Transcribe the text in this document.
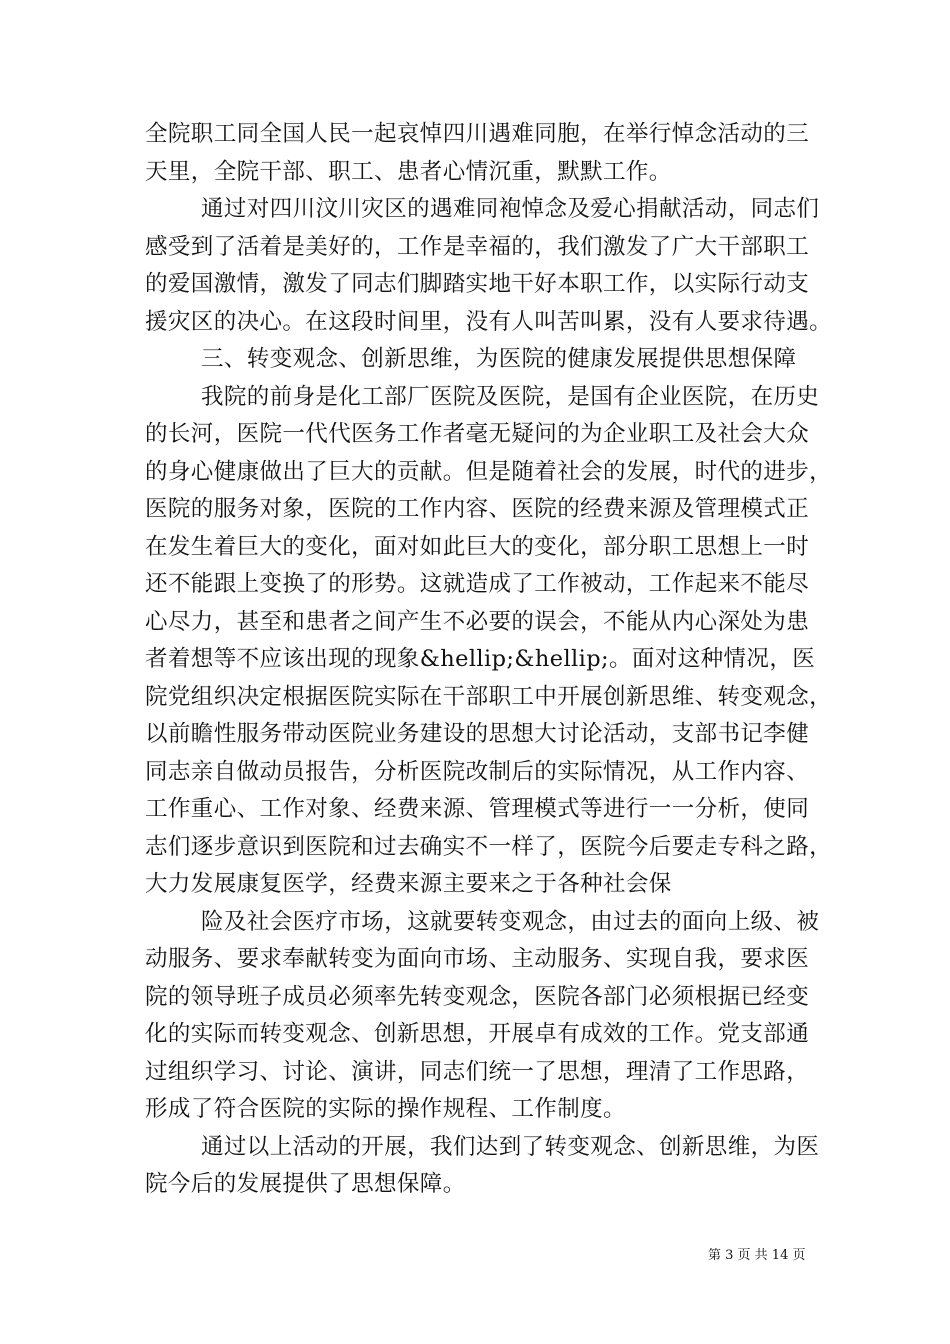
全院职工同全国人民一起哀悼四川遇难同胞，在举行悼念活动的三
天里，全院干部、职工、患者心情沉重，默默工作。
通过对四川汶川灾区的遇难同袍悼念及爱心捐献活动，同志们
感受到了活着是美好的，工作是幸福的，我们激发了广大干部职工
的爱国激情，激发了同志们脚踏实地干好本职工作，以实际行动支
援灾区的决心。在这段时间里，没有人叫苦叫累，没有人要求待遇。
三、转变观念、创新思维，为医院的健康发展提供思想保障
我院的前身是化工部厂医院及医院，是国有企业医院，在历史
的长河，医院一代代医务工作者毫无疑问的为企业职工及社会大众
的身心健康做出了巨大的贡献。但是随着社会的发展，时代的进步，
医院的服务对象，医院的工作内容、医院的经费来源及管理模式正
在发生着巨大的变化，面对如此巨大的变化，部分职工思想上一时
还不能跟上变换了的形势。这就造成了工作被动，工作起来不能尽
心尽力，甚至和患者之间产生不必要的误会，不能从内心深处为患
者着想等不应该出现的现象&hellip;&hellip;。面对这种情况，医
院党组织决定根据医院实际在干部职工中开展创新思维、转变观念，
以前瞻性服务带动医院业务建设的思想大讨论活动，支部书记李健
同志亲自做动员报告，分析医院改制后的实际情况，从工作内容、
工作重心、工作对象、经费来源、管理模式等进行一一分析，使同
志们逐步意识到医院和过去确实不一样了，医院今后要走专科之路，
大力发展康复医学，经费来源主要来之于各种社会保
险及社会医疗市场，这就要转变观念，由过去的面向上级、被
动服务、要求奉献转变为面向市场、主动服务、实现自我，要求医
院的领导班子成员必须率先转变观念，医院各部门必须根据已经变
化的实际而转变观念、创新思想，开展卓有成效的工作。党支部通
过组织学习、讨论、演讲，同志们统一了思想，理清了工作思路，
形成了符合医院的实际的操作规程、工作制度。
通过以上活动的开展，我们达到了转变观念、创新思维，为医
院今后的发展提供了思想保障。
第 3 页 共 14 页
